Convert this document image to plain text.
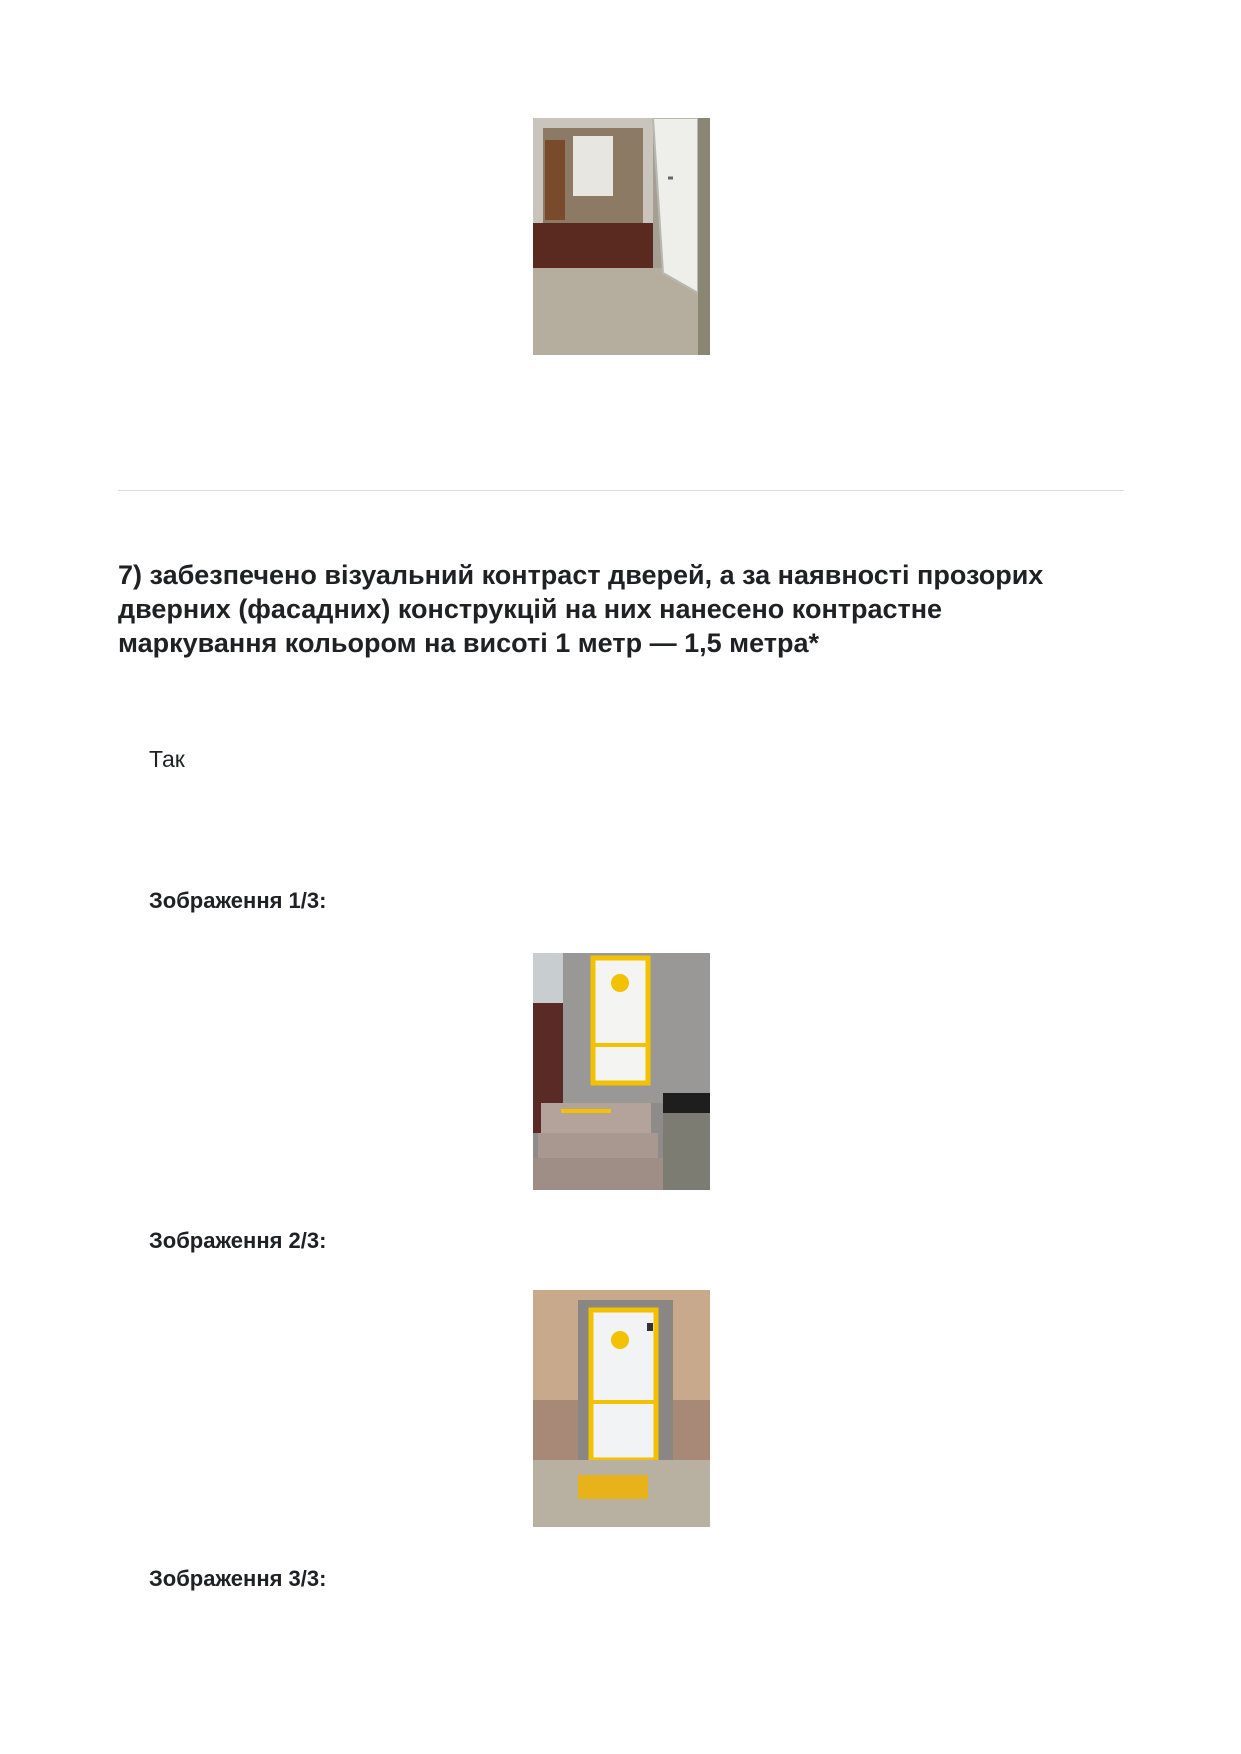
7) забезпечено візуальний контраст дверей, а за наявності прозорих
дверних (фасадних) конструкцій на них нанесено контрастне
маркування кольором на висоті 1 метр — 1,5 метра*
Так
Зображення 1/3:
Зображення 2/3:
Зображення 3/3:
